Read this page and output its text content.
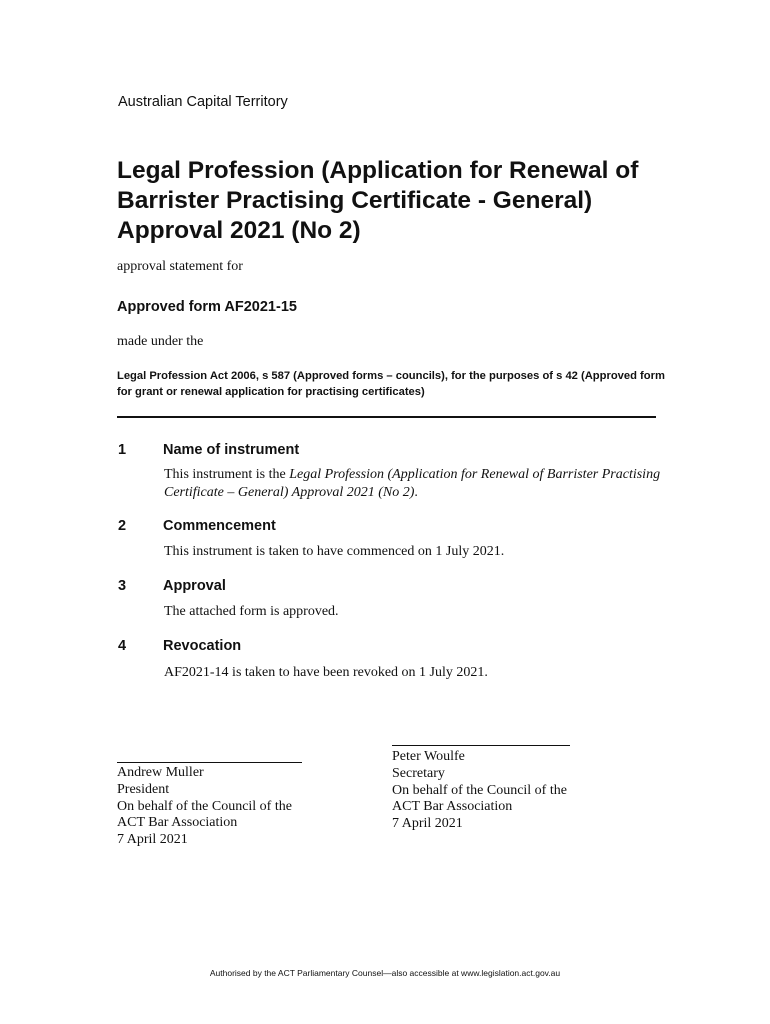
Australian Capital Territory
Legal Profession (Application for Renewal of Barrister Practising Certificate - General) Approval 2021 (No 2)
approval statement for
Approved form AF2021-15
made under the
Legal Profession Act 2006, s 587 (Approved forms – councils), for the purposes of s 42 (Approved form for grant or renewal application for practising certificates)
1	Name of instrument
This instrument is the Legal Profession (Application for Renewal of Barrister Practising Certificate – General) Approval 2021 (No 2).
2	Commencement
This instrument is taken to have commenced on 1 July 2021.
3	Approval
The attached form is approved.
4	Revocation
AF2021-14 is taken to have been revoked on 1 July 2021.
Andrew Muller
President
On behalf of the Council of the
ACT Bar Association
7 April 2021
Peter Woulfe
Secretary
On behalf of the Council of the
ACT Bar Association
7 April 2021
Authorised by the ACT Parliamentary Counsel—also accessible at www.legislation.act.gov.au
